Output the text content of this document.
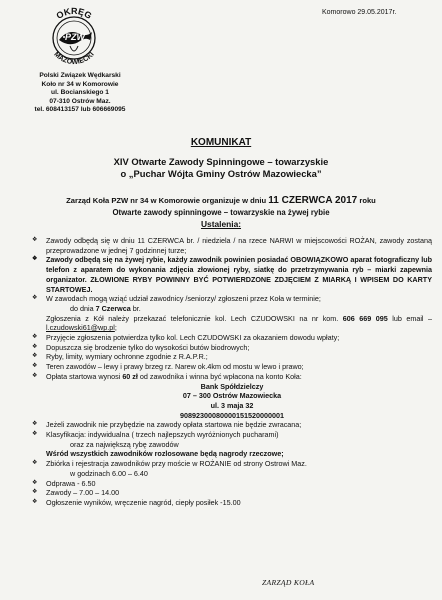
OKRĘG
MAZOWIECKI
PZW
Komorowo 29.05.2017r.
Polski Związek Wędkarski
Koło nr 34 w Komorowie
ul. Bocianskiego 1
07-310 Ostrów Maz.
tel. 608413157 lub 606669095
KOMUNIKAT
XIV Otwarte Zawody Spinningowe – towarzyskie
o „Puchar Wójta Gminy Ostrów Mazowiecka”
Zarząd Koła PZW nr 34 w Komorowie organizuje w dniu 11 CZERWCA 2017 roku
Otwarte zawody spinningowe – towarzyskie na żywej rybie
Ustalenia:

❖ Zawody odbędą się w dniu 11 CZERWCA br. / niedziela / na rzece NARWI w miejscowości ROŻAN, zawody zostaną przeprowadzone w jednej 7 godzinnej turze;

❖ Zawody odbędą się na żywej rybie, każdy zawodnik powinien posiadać OBOWIĄZKOWO aparat fotograficzny lub telefon z aparatem do wykonania zdjęcia złowionej ryby, siatkę do przetrzymywania ryb – miarki zapewnia organizator. ZŁOWIONE RYBY POWINNY BYĆ POTWIERDZONE ZDJĘCIEM Z MIARKĄ I WPISEM DO KARTY STARTOWEJ.

❖ W zawodach mogą wziąć udział zawodnicy /seniorzy/ zgłoszeni przez Koła w terminie;
do dnia 7 Czerwca br.

Zgłoszenia z Kół należy przekazać telefonicznie kol. Lech CZUDOWSKI na nr kom. 606 669 095 lub email – l.czudowski61@wp.pl;

❖ Przyjęcie zgłoszenia potwierdza tylko kol. Lech CZUDOWSKI za okazaniem dowodu wpłaty;

❖ Dopuszcza się brodzenie tylko do wysokości butów biodrowych;

❖ Ryby, limity, wymiary ochronne zgodnie z R.A.P.R.;

❖ Teren zawodów – lewy i prawy brzeg rz. Narew ok.4km od mostu w lewo i prawo;

❖ Opłata startowa wynosi 60 zł od zawodnika i winna być wpłacona na konto Koła:

Bank Spółdzielczy
07 – 300 Ostrów Mazowiecka
ul. 3 maja 32
90892300080000151520000001

❖ Jeżeli zawodnik nie przybędzie na zawody opłata startowa nie będzie zwracana;

❖ Klasyfikacja: indywidualna ( trzech najlepszych wyróżnionych pucharami)
oraz za największą rybę zawodów
Wśród wszystkich zawodników rozlosowane będą nagrody rzeczowe;

❖ Zbiórka i rejestracja zawodników przy moście w ROŻANIE od strony Ostrowi Maz.
w godzinach 6.00 – 6.40

❖ Odprawa - 6.50

❖ Zawody – 7.00 – 14.00

❖ Ogłoszenie wyników, wręczenie nagród, ciepły posiłek -15.00

ZARZĄD KOŁA
